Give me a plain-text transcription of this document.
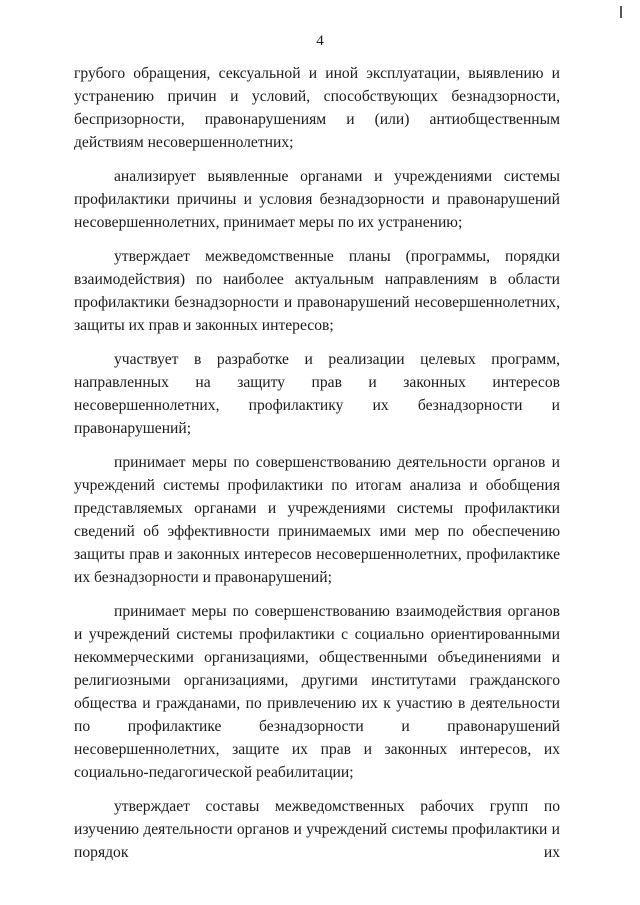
4

грубого обращения, сексуальной и иной эксплуатации, выявлению и устранению причин и условий, способствующих безнадзорности, беспризорности, правонарушениям и (или) антиобщественным действиям несовершеннолетних;

анализирует выявленные органами и учреждениями системы профилактики причины и условия безнадзорности и правонарушений несовершеннолетних, принимает меры по их устранению;

утверждает межведомственные планы (программы, порядки взаимодействия) по наиболее актуальным направлениям в области профилактики безнадзорности и правонарушений несовершеннолетних, защиты их прав и законных интересов;

участвует в разработке и реализации целевых программ, направленных на защиту прав и законных интересов несовершеннолетних, профилактику их безнадзорности и правонарушений;

принимает меры по совершенствованию деятельности органов и учреждений системы профилактики по итогам анализа и обобщения представляемых органами и учреждениями системы профилактики сведений об эффективности принимаемых ими мер по обеспечению защиты прав и законных интересов несовершеннолетних, профилактике их безнадзорности и правонарушений;

принимает меры по совершенствованию взаимодействия органов и учреждений системы профилактики с социально ориентированными некоммерческими организациями, общественными объединениями и религиозными организациями, другими институтами гражданского общества и гражданами, по привлечению их к участию в деятельности по профилактике безнадзорности и правонарушений несовершеннолетних, защите их прав и законных интересов, их социально-педагогической реабилитации;

утверждает составы межведомственных рабочих групп по изучению деятельности органов и учреждений системы профилактики и порядок их
